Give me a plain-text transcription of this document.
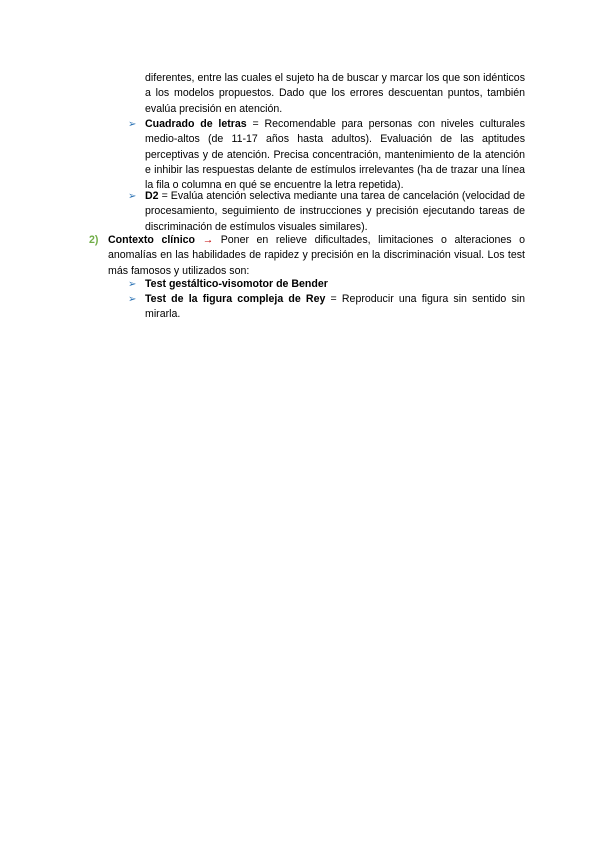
diferentes, entre las cuales el sujeto ha de buscar y marcar los que son idénticos a los modelos propuestos. Dado que los errores descuentan puntos, también evalúa precisión en atención.
➢ Cuadrado de letras = Recomendable para personas con niveles culturales medio-altos (de 11-17 años hasta adultos). Evaluación de las aptitudes perceptivas y de atención. Precisa concentración, mantenimiento de la atención e inhibir las respuestas delante de estímulos irrelevantes (ha de trazar una línea la fila o columna en qué se encuentre la letra repetida).
➢ D2 = Evalúa atención selectiva mediante una tarea de cancelación (velocidad de procesamiento, seguimiento de instrucciones y precisión ejecutando tareas de discriminación de estímulos visuales similares).
2) Contexto clínico → Poner en relieve dificultades, limitaciones o alteraciones o anomalías en las habilidades de rapidez y precisión en la discriminación visual. Los test más famosos y utilizados son:
➢ Test gestáltico-visomotor de Bender
➢ Test de la figura compleja de Rey = Reproducir una figura sin sentido sin mirarla.
